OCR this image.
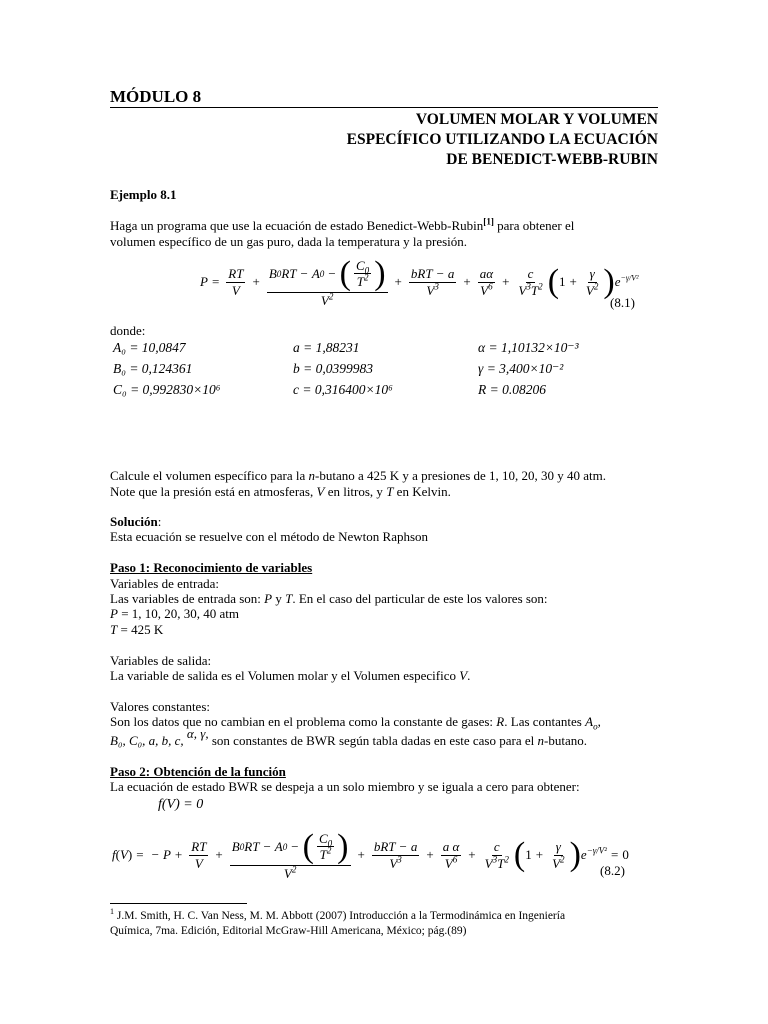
MÓDULO 8
VOLUMEN MOLAR Y VOLUMEN
ESPECÍFICO UTILIZANDO LA ECUACIÓN
DE BENEDICT-WEBB-RUBIN
Ejemplo 8.1
Haga un programa que use la ecuación de estado Benedict-Webb-Rubin[1] para obtener el
volumen específico de un gas puro, dada la temperatura y la presión.
$P = \frac{RT}{V} + \frac{B 0 RT - A 0 - ( \frac{C_0}{T^2} )}{V^2} + \frac{\text{bRT − a}}{V^3} + \frac{a\alpha}{V^6} + \frac{c}{V^3T^2}$ ( $1 + \frac{\gamma}{V^2}$ ) $e^{-\gamma/V^2}$
(8.1)
donde:
A₀ = 10,0847
B₀ = 0,124361
C₀ = 0,992830×10⁶
a = 1,88231
b = 0,0399983
c = 0,316400×10⁶
α = 1,10132×10⁻³
γ = 3,400×10⁻²
R = 0.08206
Calcule el volumen específico para la n-butano a 425 K y a presiones de 1, 10, 20, 30 y 40 atm.
Note que la presión está en atmosferas, V en litros, y T en Kelvin.
Solución:
Esta ecuación se resuelve con el método de Newton Raphson
Paso 1: Reconocimiento de variables
Variables de entrada:
Las variables de entrada son: P y T. En el caso del particular de este los valores son:
P = 1, 10, 20, 30, 40 atm
T = 425 K
Variables de salida:
La variable de salida es el Volumen molar y el Volumen especifico V.
Valores constantes:
Son los datos que no cambian en el problema como la constante de gases: R. Las contantes $A_o$,
B₀, C₀, a, b, c, α, γ, son constantes de BWR según tabla dadas en este caso para el n-butano.
Paso 2: Obtención de la función
La ecuación de estado BWR se despeja a un solo miembro y se iguala a cero para obtener:
f(V) = 0
f ( V ) = − $P + \frac{RT}{V} + \frac{B 0 RT - A 0 - ( \frac{C_0}{T^2} )}{V^2} + \frac{\text{bRT − a}}{V^3} + \frac{\text{a α}}{V^6} + \frac{c}{V^3T^2}$ ( $1 + \frac{\gamma}{V^2}$ ) $e^{-\gamma/V^2} = 0$
(8.2)
$^1$ J.M. Smith, H. C. Van Ness, M. M. Abbott (2007) Introducción a la Termodinámica en Ingeniería
Química, 7ma. Edición, Editorial McGraw-Hill Americana, México; pág.(89)
